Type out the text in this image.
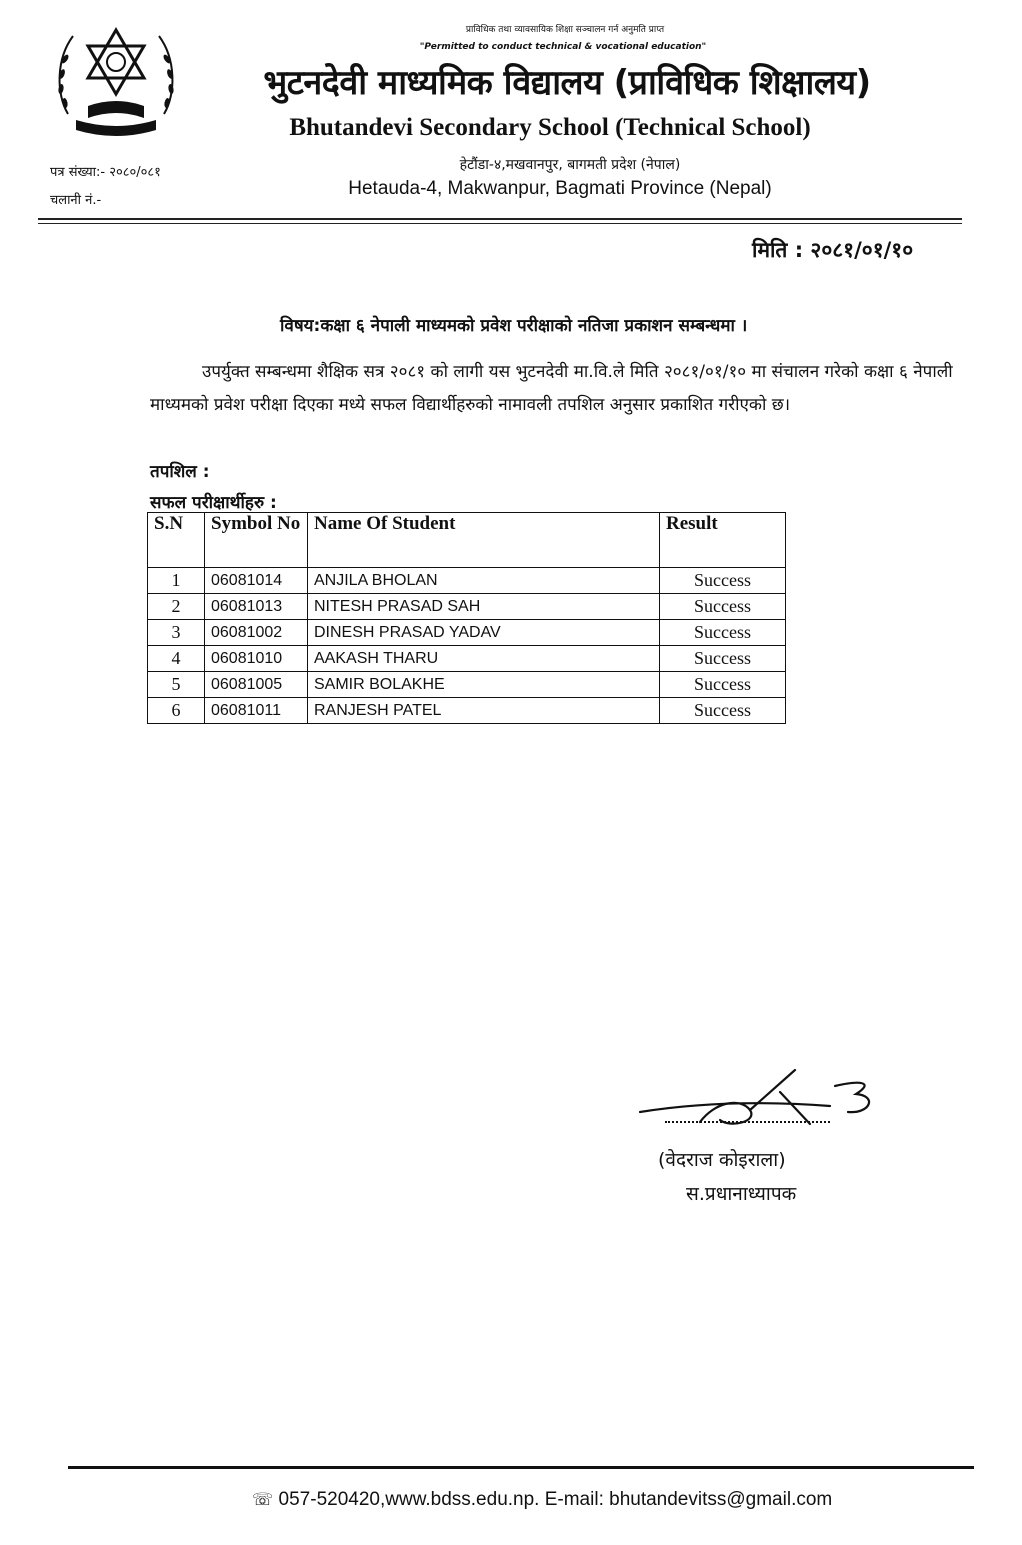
प्राविधिक तथा व्यावसायिक शिक्षा सञ्चालन गर्न अनुमति प्राप्त
"Permitted to conduct technical & vocational education"
भुटनदेवी माध्यमिक विद्यालय (प्राविधिक शिक्षालय)
Bhutandevi Secondary School (Technical School)
हेटौंडा-४,मखवानपुर, बागमती प्रदेश (नेपाल)
Hetauda-4, Makwanpur, Bagmati Province (Nepal)
पत्र संख्या:- २०८०/०८१
चलानी नं.-
मिति : २०८१/०१/१०
विषय:कक्षा ६ नेपाली माध्यमको प्रवेश परीक्षाको नतिजा प्रकाशन सम्बन्धमा ।
उपर्युक्त सम्बन्धमा शैक्षिक सत्र २०८१ को लागी यस भुटनदेवी मा.वि.ले मिति २०८१/०१/१० मा संचालन गरेको कक्षा ६ नेपाली माध्यमको प्रवेश परीक्षा दिएका मध्ये सफल विद्यार्थीहरुको नामावली तपशिल अनुसार प्रकाशित गरीएको छ।
तपशिल :
सफल परीक्षार्थीहरु :
S.N	Symbol No	Name Of Student	Result
1	06081014	ANJILA BHOLAN	Success
2	06081013	NITESH PRASAD SAH	Success
3	06081002	DINESH PRASAD YADAV	Success
4	06081010	AAKASH THARU	Success
5	06081005	SAMIR BOLAKHE	Success
6	06081011	RANJESH PATEL	Success
(वेदराज कोइराला)
स.प्रधानाध्यापक
☏ 057-520420,www.bdss.edu.np. E-mail: bhutandevitss@gmail.com
